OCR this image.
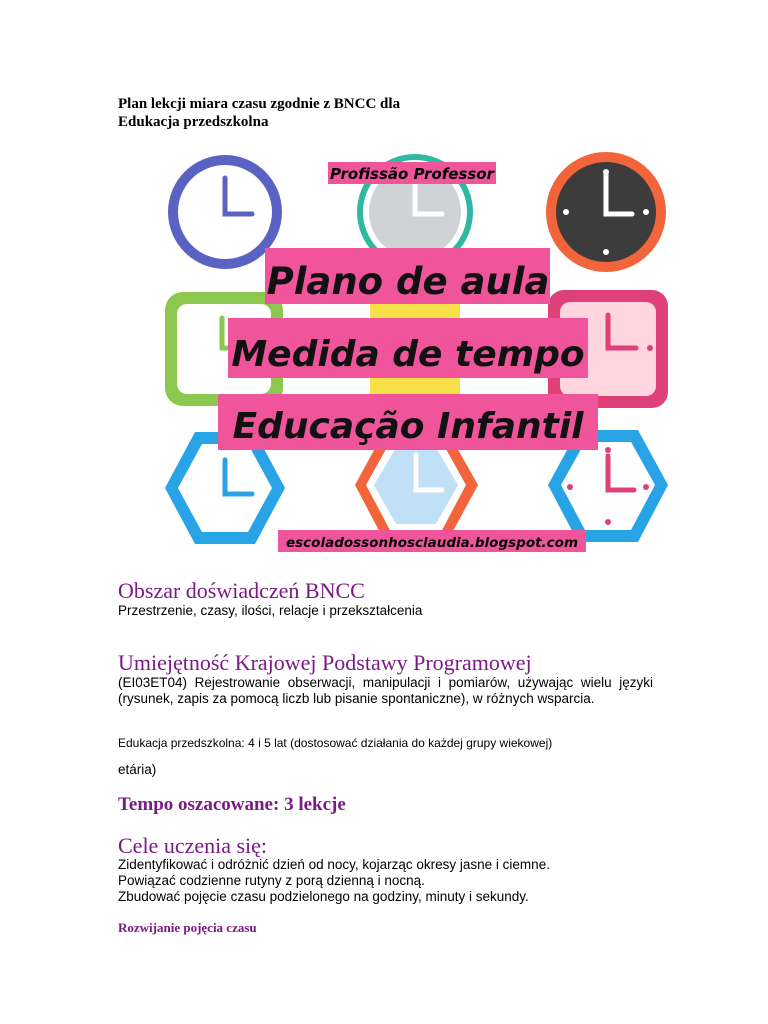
Plan lekcji miara czasu zgodnie z BNCC dla
Edukacja przedszkolna
Profissão Professor
Plano de aula
Medida de tempo
Educação Infantil
escoladossonhosclaudia.blogspot.com
Obszar doświadczeń BNCC
Przestrzenie, czasy, ilości, relacje i przekształcenia
Umiejętność Krajowej Podstawy Programowej
(EI03ET04) Rejestrowanie obserwacji, manipulacji i pomiarów, używając wielu języki (rysunek, zapis za pomocą liczb lub pisanie spontaniczne), w różnych wsparcia.
Edukacja przedszkolna: 4 i 5 lat (dostosować działania do każdej grupy wiekowej)
etária)
Tempo oszacowane: 3 lekcje
Cele uczenia się:
Zidentyfikować i odróżnić dzień od nocy, kojarząc okresy jasne i ciemne.
Powiązać codzienne rutyny z porą dzienną i nocną.
Zbudować pojęcie czasu podzielonego na godziny, minuty i sekundy.
Rozwijanie pojęcia czasu
